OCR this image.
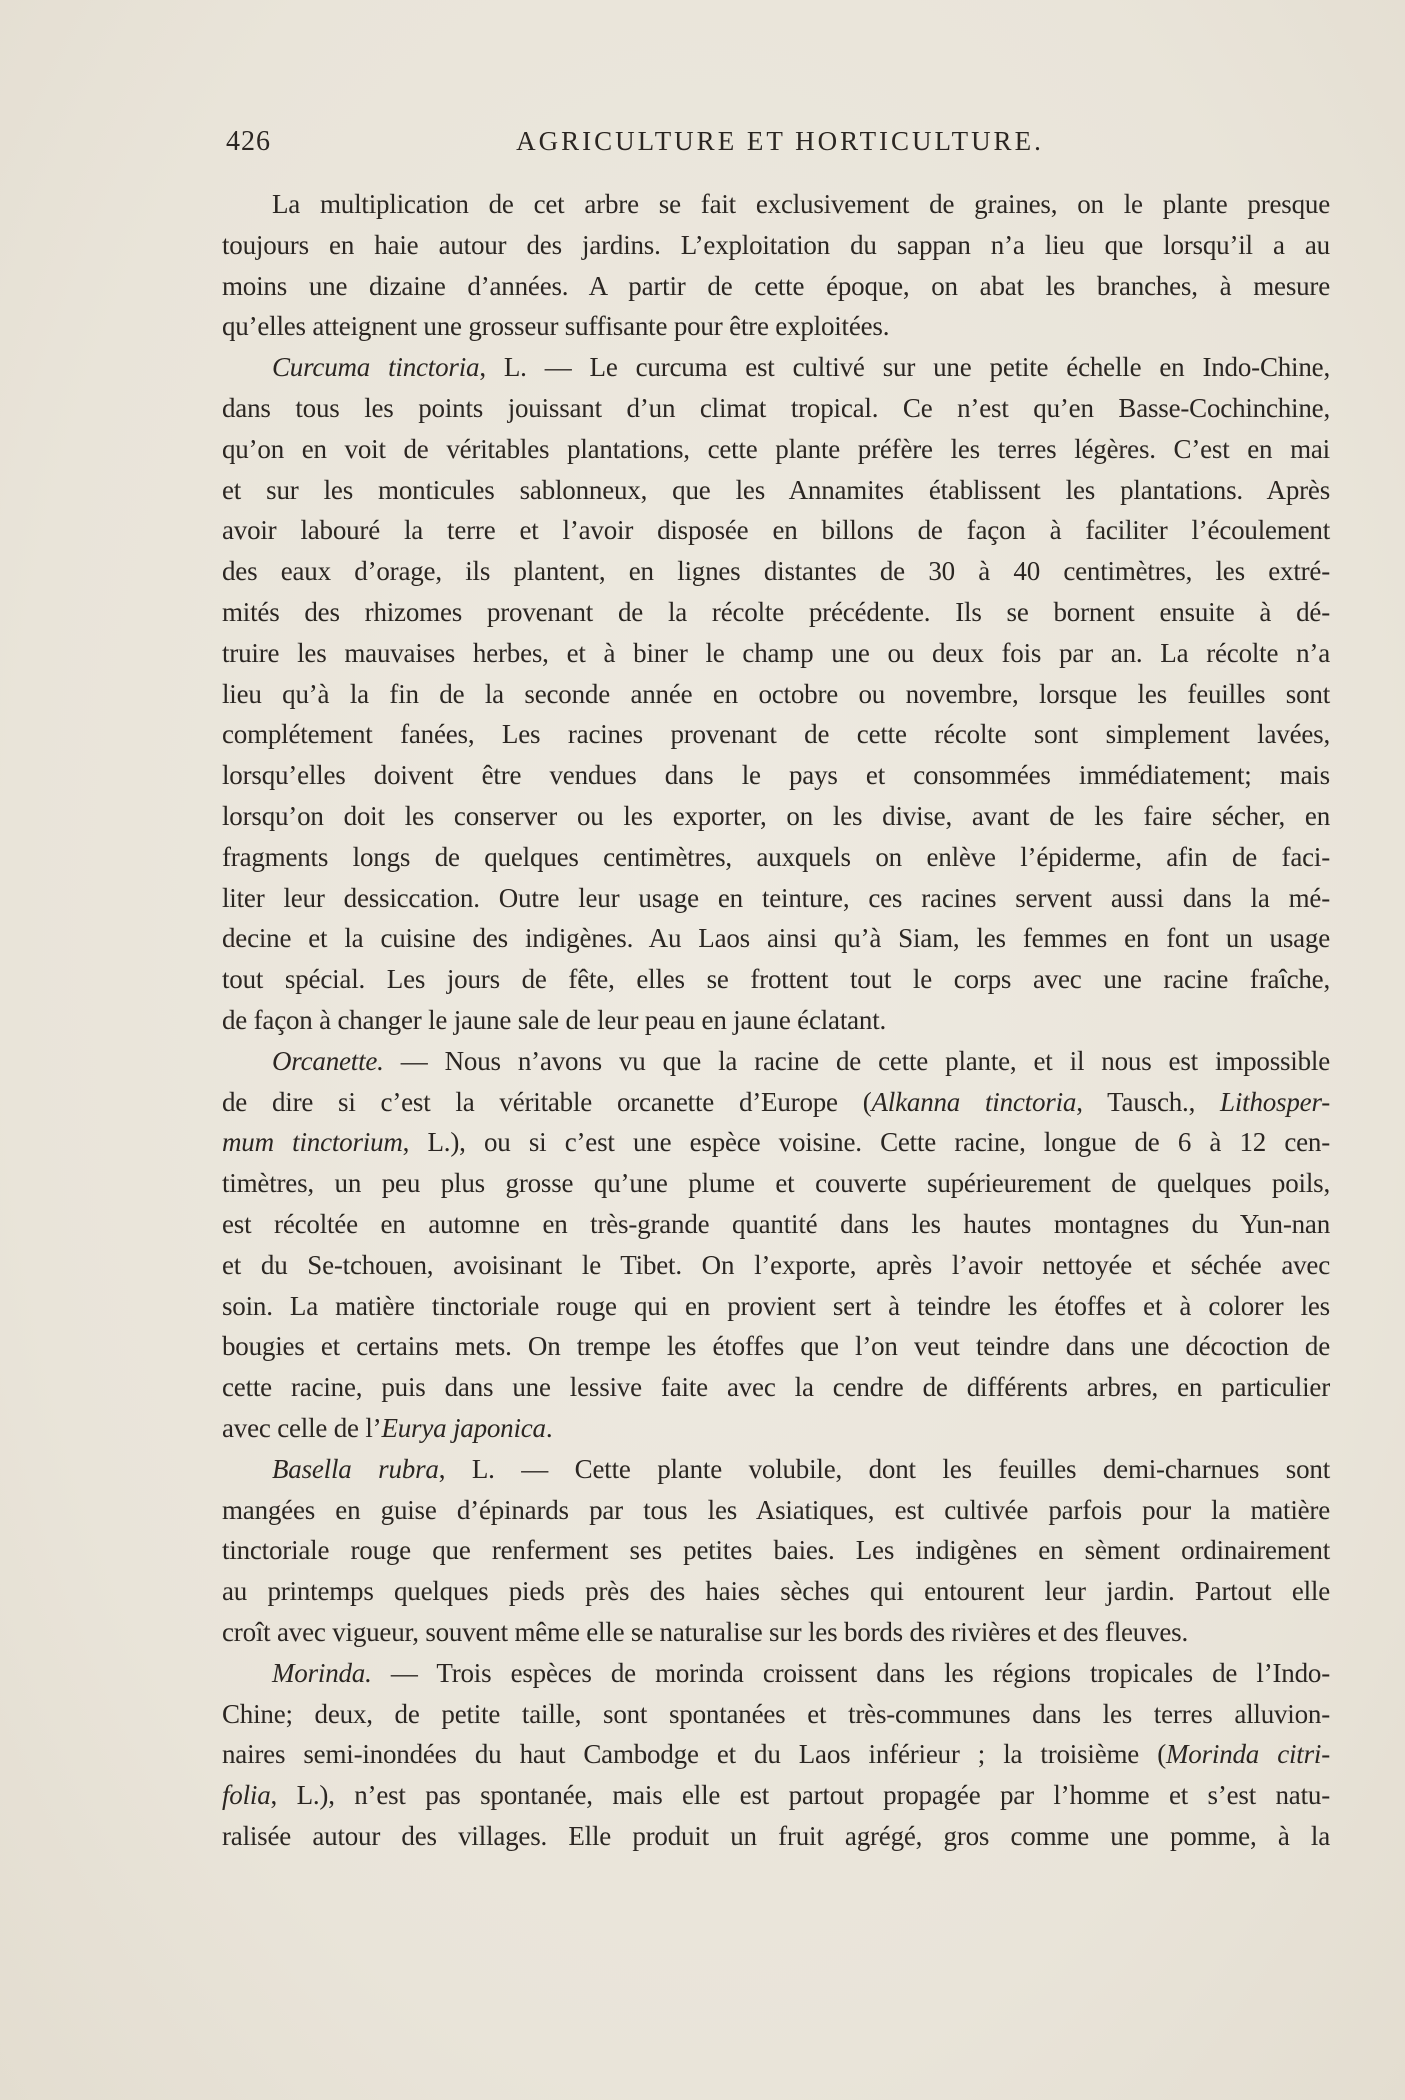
426	AGRICULTURE ET HORTICULTURE.
La multiplication de cet arbre se fait exclusivement de graines, on le plante presque
toujours en haie autour des jardins. L’exploitation du sappan n’a lieu que lorsqu’il a au
moins une dizaine d’années. A partir de cette époque, on abat les branches, à mesure
qu’elles atteignent une grosseur suffisante pour être exploitées.
Curcuma tinctoria, L. — Le curcuma est cultivé sur une petite échelle en Indo-Chine,
dans tous les points jouissant d’un climat tropical. Ce n’est qu’en Basse-Cochinchine,
qu’on en voit de véritables plantations, cette plante préfère les terres légères. C’est en mai
et sur les monticules sablonneux, que les Annamites établissent les plantations. Après
avoir labouré la terre et l’avoir disposée en billons de façon à faciliter l’écoulement
des eaux d’orage, ils plantent, en lignes distantes de 30 à 40 centimètres, les extré-
mités des rhizomes provenant de la récolte précédente. Ils se bornent ensuite à dé-
truire les mauvaises herbes, et à biner le champ une ou deux fois par an. La récolte n’a
lieu qu’à la fin de la seconde année en octobre ou novembre, lorsque les feuilles sont
complétement fanées, Les racines provenant de cette récolte sont simplement lavées,
lorsqu’elles doivent être vendues dans le pays et consommées immédiatement; mais
lorsqu’on doit les conserver ou les exporter, on les divise, avant de les faire sécher, en
fragments longs de quelques centimètres, auxquels on enlève l’épiderme, afin de faci-
liter leur dessiccation. Outre leur usage en teinture, ces racines servent aussi dans la mé-
decine et la cuisine des indigènes. Au Laos ainsi qu’à Siam, les femmes en font un usage
tout spécial. Les jours de fête, elles se frottent tout le corps avec une racine fraîche,
de façon à changer le jaune sale de leur peau en jaune éclatant.
Orcanette. — Nous n’avons vu que la racine de cette plante, et il nous est impossible
de dire si c’est la véritable orcanette d’Europe (Alkanna tinctoria, Tausch., Lithosper-
mum tinctorium, L.), ou si c’est une espèce voisine. Cette racine, longue de 6 à 12 cen-
timètres, un peu plus grosse qu’une plume et couverte supérieurement de quelques poils,
est récoltée en automne en très-grande quantité dans les hautes montagnes du Yun-nan
et du Se-tchouen, avoisinant le Tibet. On l’exporte, après l’avoir nettoyée et séchée avec
soin. La matière tinctoriale rouge qui en provient sert à teindre les étoffes et à colorer les
bougies et certains mets. On trempe les étoffes que l’on veut teindre dans une décoction de
cette racine, puis dans une lessive faite avec la cendre de différents arbres, en particulier
avec celle de l’Eurya japonica.
Basella rubra, L. — Cette plante volubile, dont les feuilles demi-charnues sont
mangées en guise d’épinards par tous les Asiatiques, est cultivée parfois pour la matière
tinctoriale rouge que renferment ses petites baies. Les indigènes en sèment ordinairement
au printemps quelques pieds près des haies sèches qui entourent leur jardin. Partout elle
croît avec vigueur, souvent même elle se naturalise sur les bords des rivières et des fleuves.
Morinda. — Trois espèces de morinda croissent dans les régions tropicales de l’Indo-
Chine; deux, de petite taille, sont spontanées et très-communes dans les terres alluvion-
naires semi-inondées du haut Cambodge et du Laos inférieur ; la troisième (Morinda citri-
folia, L.), n’est pas spontanée, mais elle est partout propagée par l’homme et s’est natu-
ralisée autour des villages. Elle produit un fruit agrégé, gros comme une pomme, à la
